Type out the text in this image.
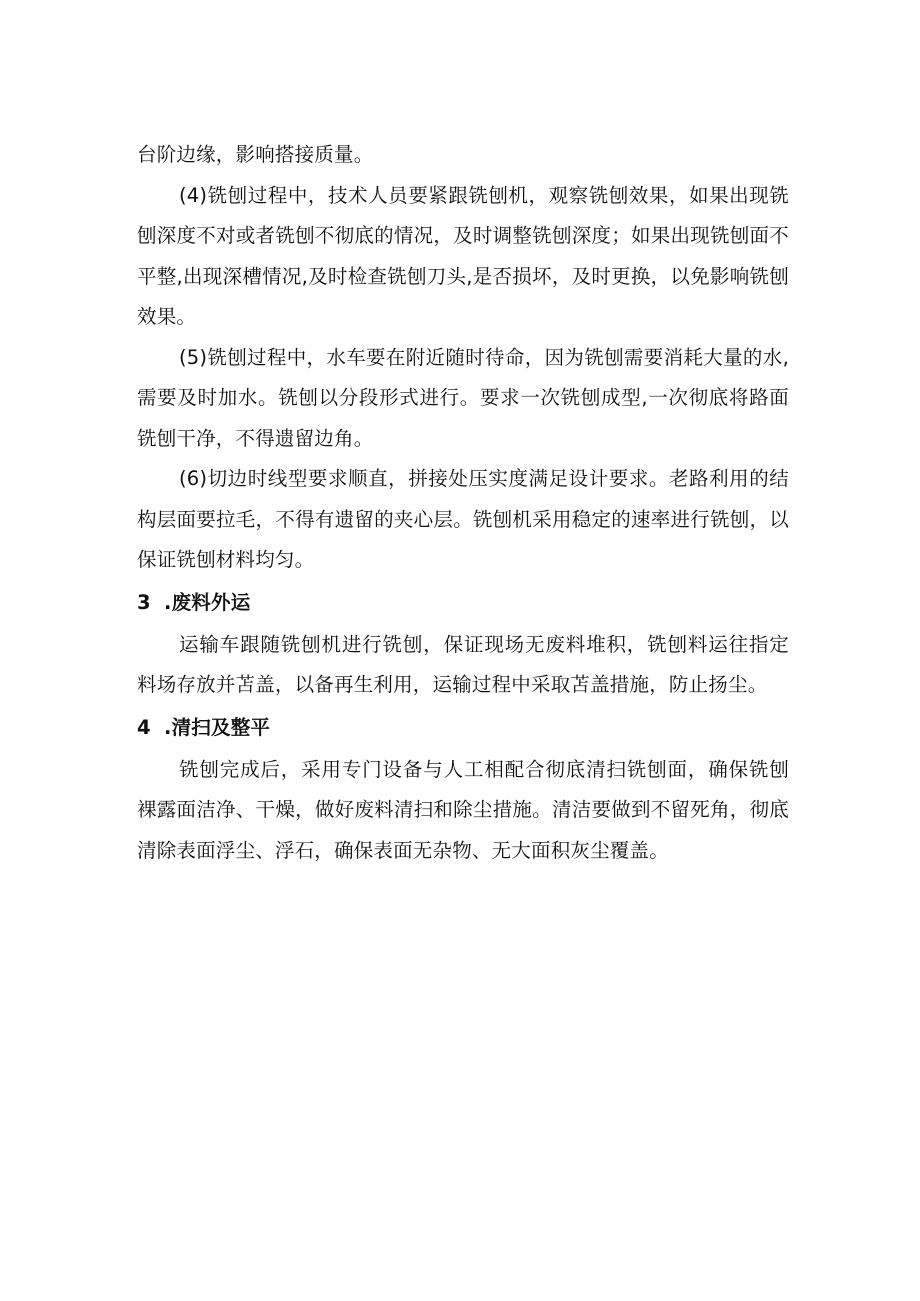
台阶边缘，影响搭接质量。

(4)铣刨过程中，技术人员要紧跟铣刨机，观察铣刨效果，如果出现铣刨深度不对或者铣刨不彻底的情况，及时调整铣刨深度；如果出现铣刨面不平整,出现深槽情况,及时检查铣刨刀头,是否损坏，及时更换，以免影响铣刨效果。

(5)铣刨过程中，水车要在附近随时待命，因为铣刨需要消耗大量的水,需要及时加水。铣刨以分段形式进行。要求一次铣刨成型,一次彻底将路面铣刨干净，不得遗留边角。

(6)切边时线型要求顺直，拼接处压实度满足设计要求。老路利用的结构层面要拉毛，不得有遗留的夹心层。铣刨机采用稳定的速率进行铣刨，以保证铣刨材料均匀。

3 .废料外运

运输车跟随铣刨机进行铣刨，保证现场无废料堆积，铣刨料运往指定料场存放并苫盖，以备再生利用，运输过程中采取苫盖措施，防止扬尘。

4 .清扫及整平

铣刨完成后，采用专门设备与人工相配合彻底清扫铣刨面，确保铣刨裸露面洁净、干燥，做好废料清扫和除尘措施。清洁要做到不留死角，彻底清除表面浮尘、浮石，确保表面无杂物、无大面积灰尘覆盖。
